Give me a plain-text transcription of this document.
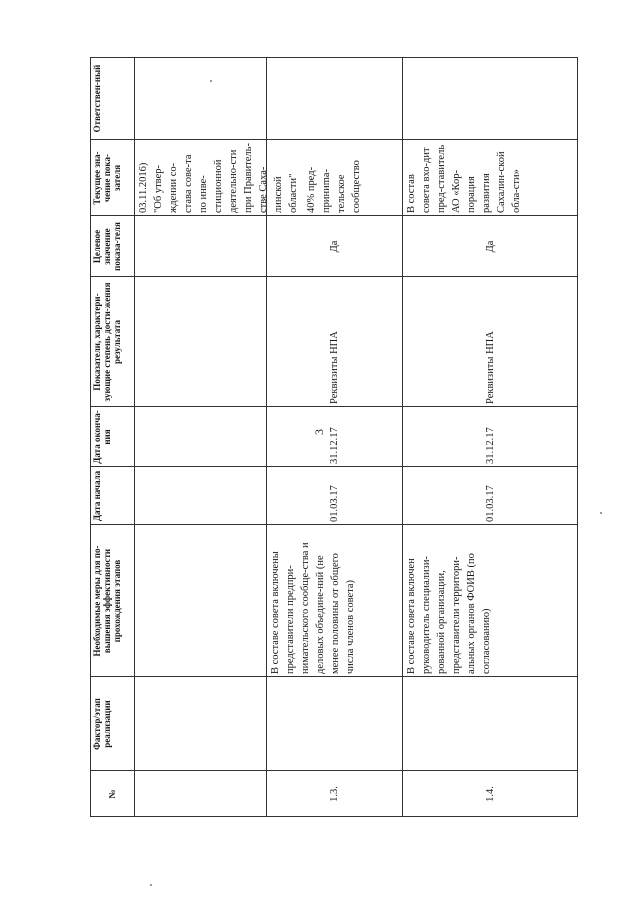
3
№
Фактор/этап реализации
Необходимые меры для по-вышения эффективности прохождения этапов
Дата начала
Дата оконча-ния
Показатели, характери-зующие степень дости-жения результата
Целевое значение показа-теля
Текущее зна-чение пока-зателя
Ответствен-ный
03.11.2016) "Об утвер-ждении со-става сове-та по инве-стиционной деятельно-сти при Правитель-стве Саха-линской области"
1.3.
В составе совета включены представители предпри-нимательского сообще-ства и деловых объедине-ний (не менее половины от общего числа членов совета)
01.03.17
31.12.17
Реквизиты НПА
Да
40% пред-приниma-тельское сообщество
1.4.
В составе совета включен руководитель специализи-рованной организации, представители территори-альных органов ФОИВ (по согласованию)
01.03.17
31.12.17
Реквизиты НПА
Да
В состав совета вхо-дит пред-ставитель АО «Кор-порация развития Сахалин-ской обла-сти»
